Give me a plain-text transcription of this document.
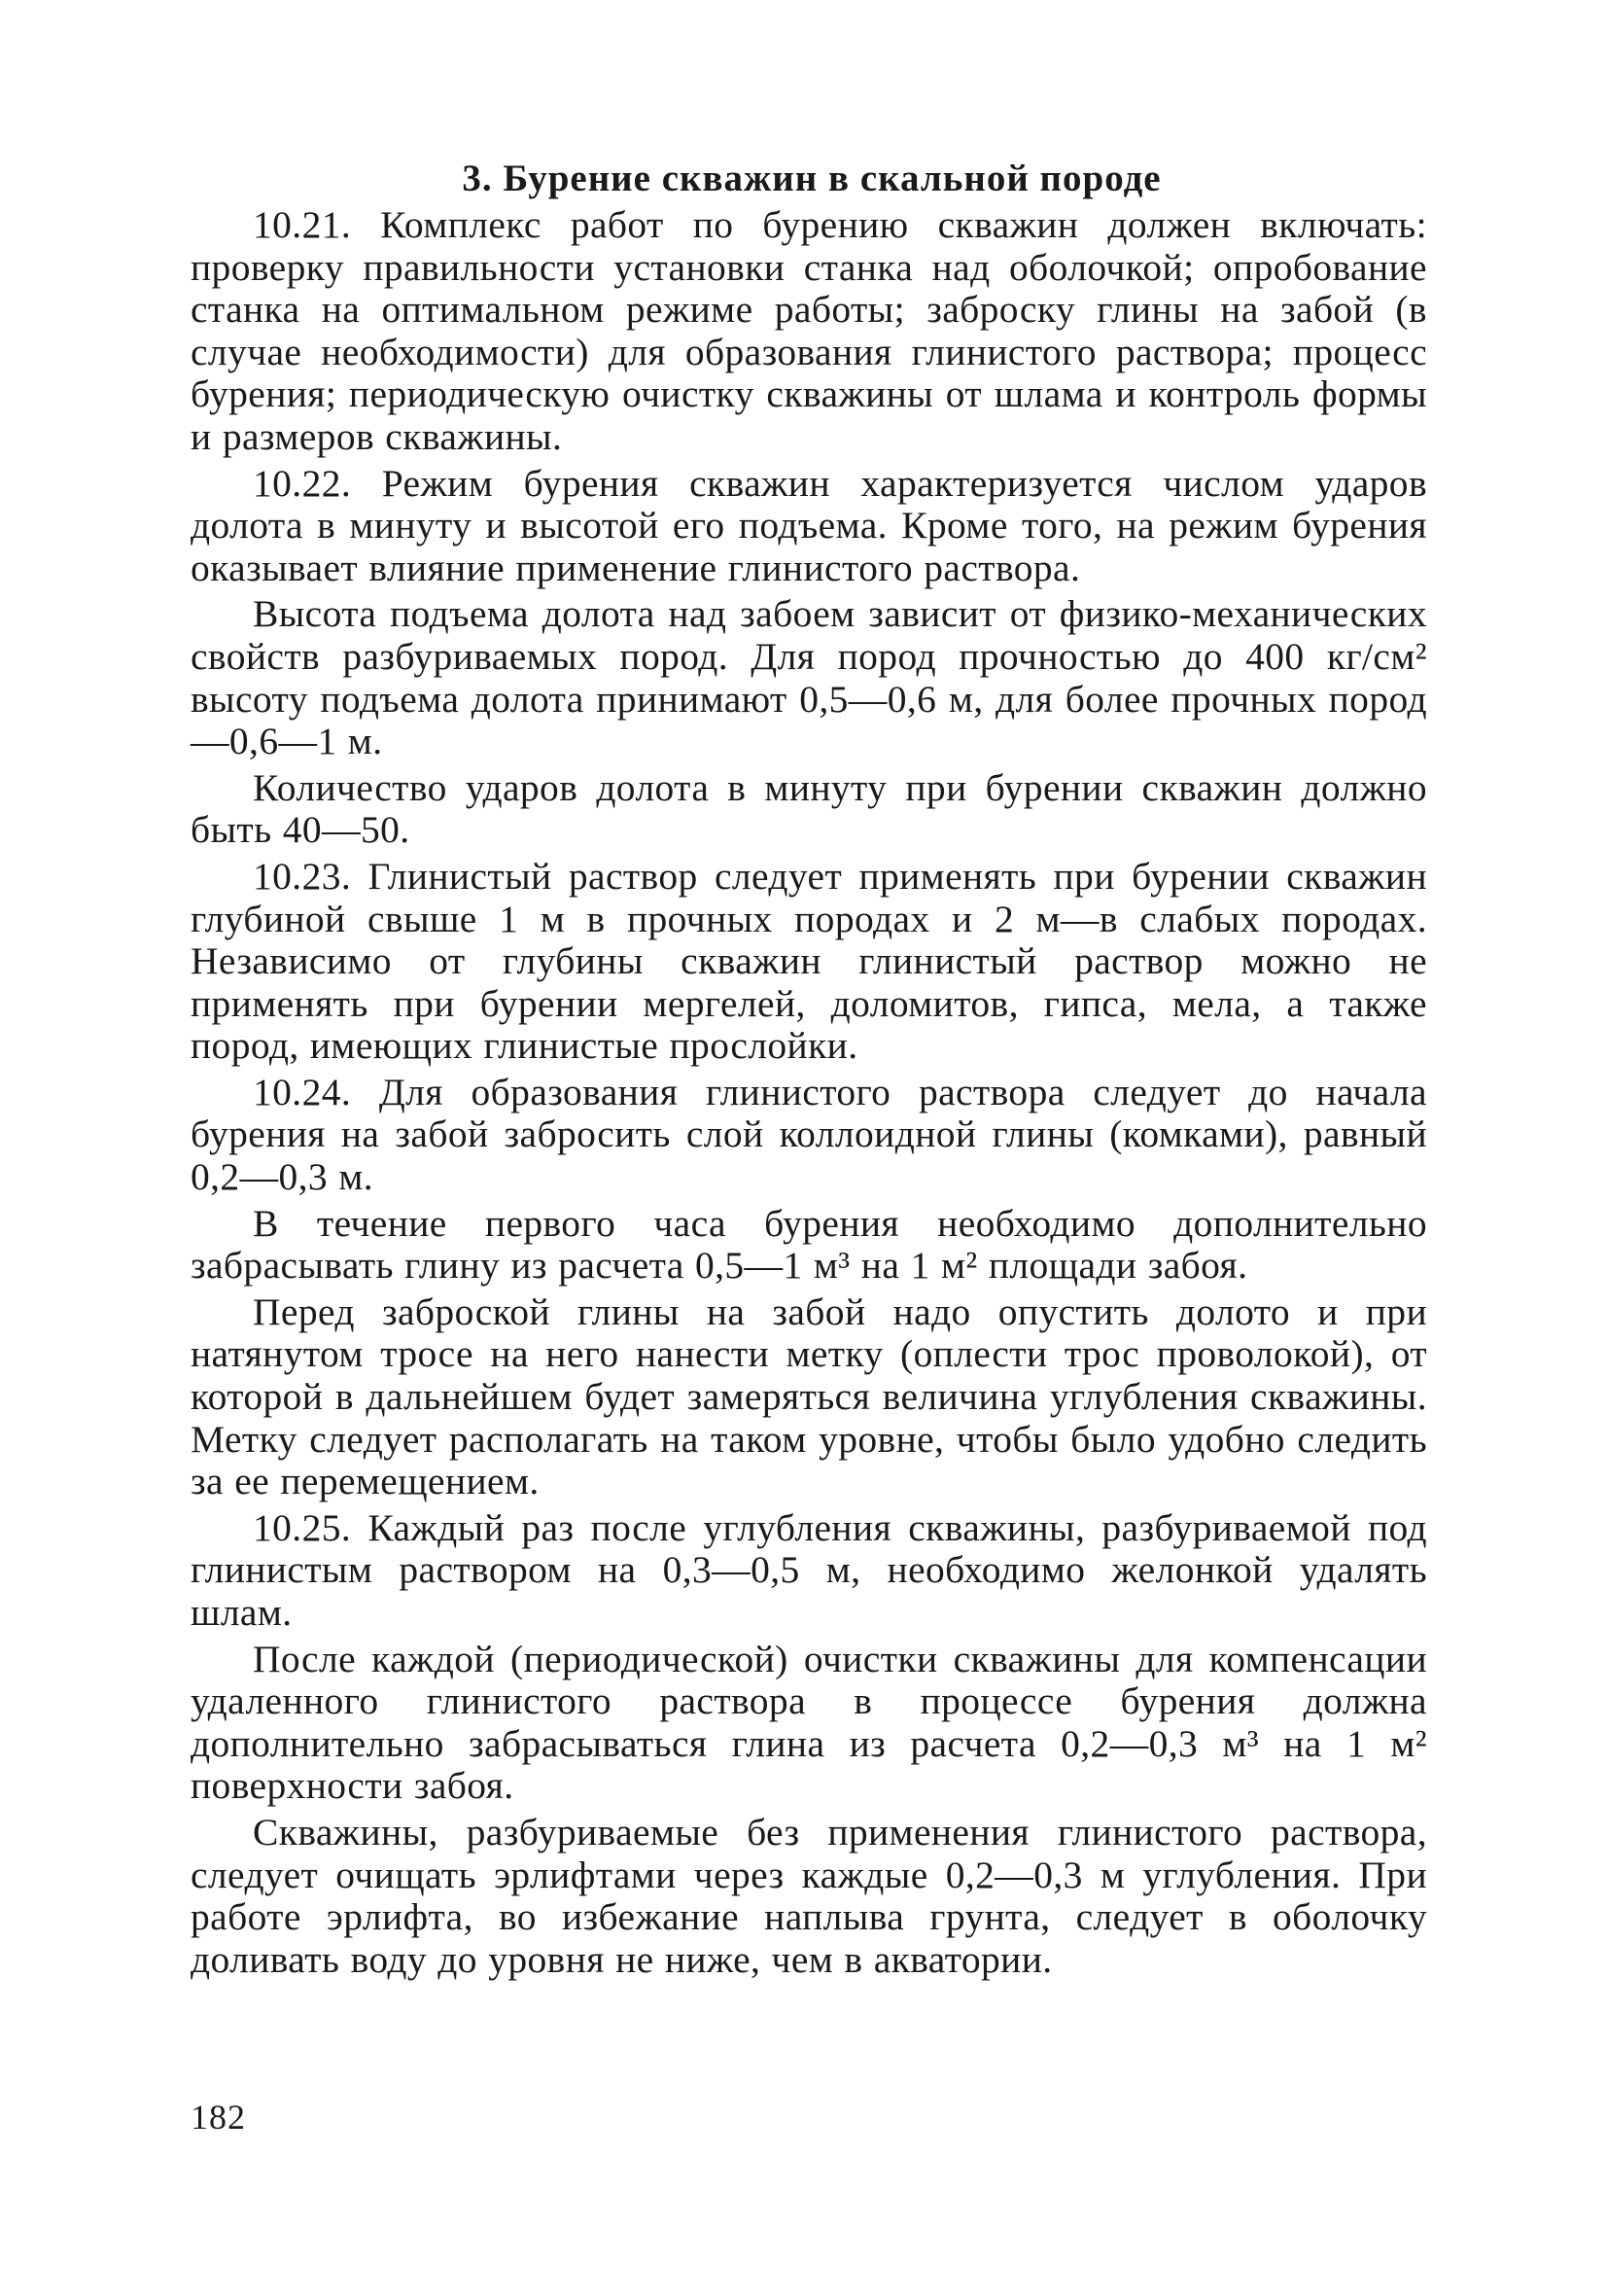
3. Бурение скважин в скальной породе

10.21. Комплекс работ по бурению скважин должен включать: проверку правильности установки станка над оболочкой; опробование станка на оптимальном режиме работы; заброску глины на забой (в случае необходимости) для образования глинистого раствора; процесс бурения; периодическую очистку скважины от шлама и контроль формы и размеров скважины.

10.22. Режим бурения скважин характеризуется числом ударов долота в минуту и высотой его подъема. Кроме того, на режим бурения оказывает влияние применение глинистого раствора.

Высота подъема долота над забоем зависит от физико-механических свойств разбуриваемых пород. Для пород прочностью до 400 кг/см² высоту подъема долота принимают 0,5—0,6 м, для более прочных пород—0,6—1 м.

Количество ударов долота в минуту при бурении скважин должно быть 40—50.

10.23. Глинистый раствор следует применять при бурении скважин глубиной свыше 1 м в прочных породах и 2 м—в слабых породах. Независимо от глубины скважин глинистый раствор можно не применять при бурении мергелей, доломитов, гипса, мела, а также пород, имеющих глинистые прослойки.

10.24. Для образования глинистого раствора следует до начала бурения на забой забросить слой коллоидной глины (комками), равный 0,2—0,3 м.

В течение первого часа бурения необходимо дополнительно забрасывать глину из расчета 0,5—1 м³ на 1 м² площади забоя.

Перед заброской глины на забой надо опустить долото и при натянутом тросе на него нанести метку (оплести трос проволокой), от которой в дальнейшем будет замеряться величина углубления скважины. Метку следует располагать на таком уровне, чтобы было удобно следить за ее перемещением.

10.25. Каждый раз после углубления скважины, разбуриваемой под глинистым раствором на 0,3—0,5 м, необходимо желонкой удалять шлам.

После каждой (периодической) очистки скважины для компенсации удаленного глинистого раствора в процессе бурения должна дополнительно забрасываться глина из расчета 0,2—0,3 м³ на 1 м² поверхности забоя.

Скважины, разбуриваемые без применения глинистого раствора, следует очищать эрлифтами через каждые 0,2—0,3 м углубления. При работе эрлифта, во избежание наплыва грунта, следует в оболочку доливать воду до уровня не ниже, чем в акватории.

182
